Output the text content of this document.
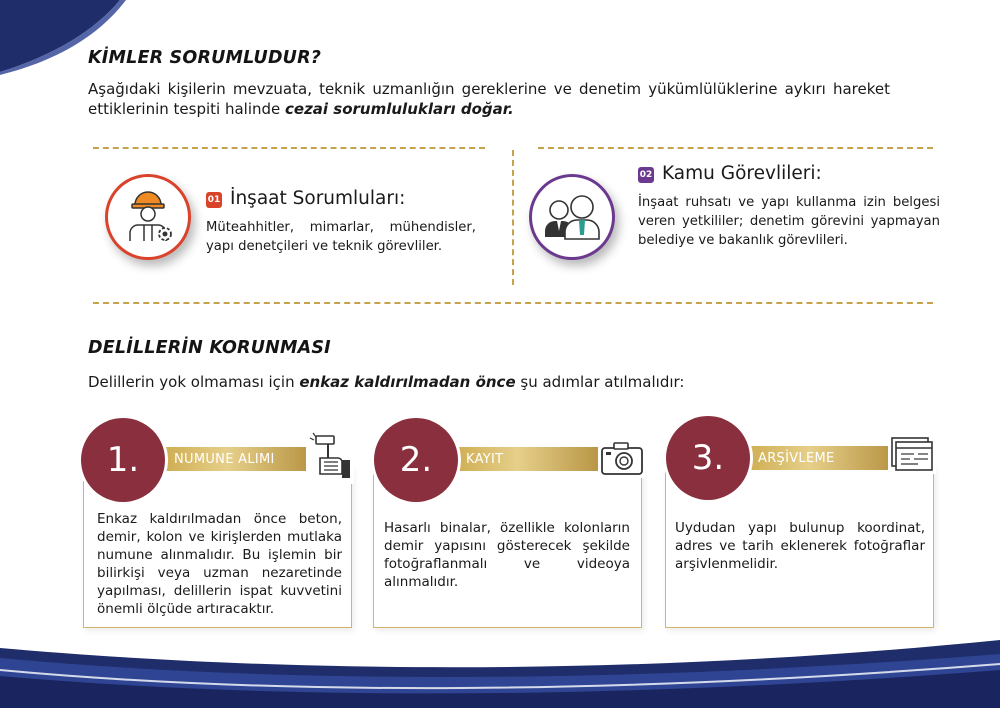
KİMLER SORUMLUDUR?
Aşağıdaki kişilerin mevzuata, teknik uzmanlığın gereklerine ve denetim yükümlülüklerine aykırı hareket ettiklerinin tespiti halinde cezai sorumlulukları doğar.
01 İnşaat Sorumluları:
Müteahhitler, mimarlar, mühendisler, yapı denetçileri ve teknik görevliler.
02 Kamu Görevlileri:
İnşaat ruhsatı ve yapı kullanma izin belgesi veren yetkililer; denetim görevini yapmayan belediye ve bakanlık görevlileri.
DELİLLERİN KORUNMASI
Delillerin yok olmaması için enkaz kaldırılmadan önce şu adımlar atılmalıdır:
NUMUNE ALIMI
1.
Enkaz kaldırılmadan önce beton, demir, kolon ve kirişlerden mutlaka numune alınmalıdır. Bu işlemin bir bilirkişi veya uzman nezaretinde yapılması, delillerin ispat kuvvetini önemli ölçüde artıracaktır.
KAYIT
2.
Hasarlı binalar, özellikle kolonların demir yapısını gösterecek şekilde fotoğraflanmalı ve videoya alınmalıdır.
ARŞİVLEME
3.
Uydudan yapı bulunup koordinat, adres ve tarih eklenerek fotoğraflar arşivlenmelidir.
